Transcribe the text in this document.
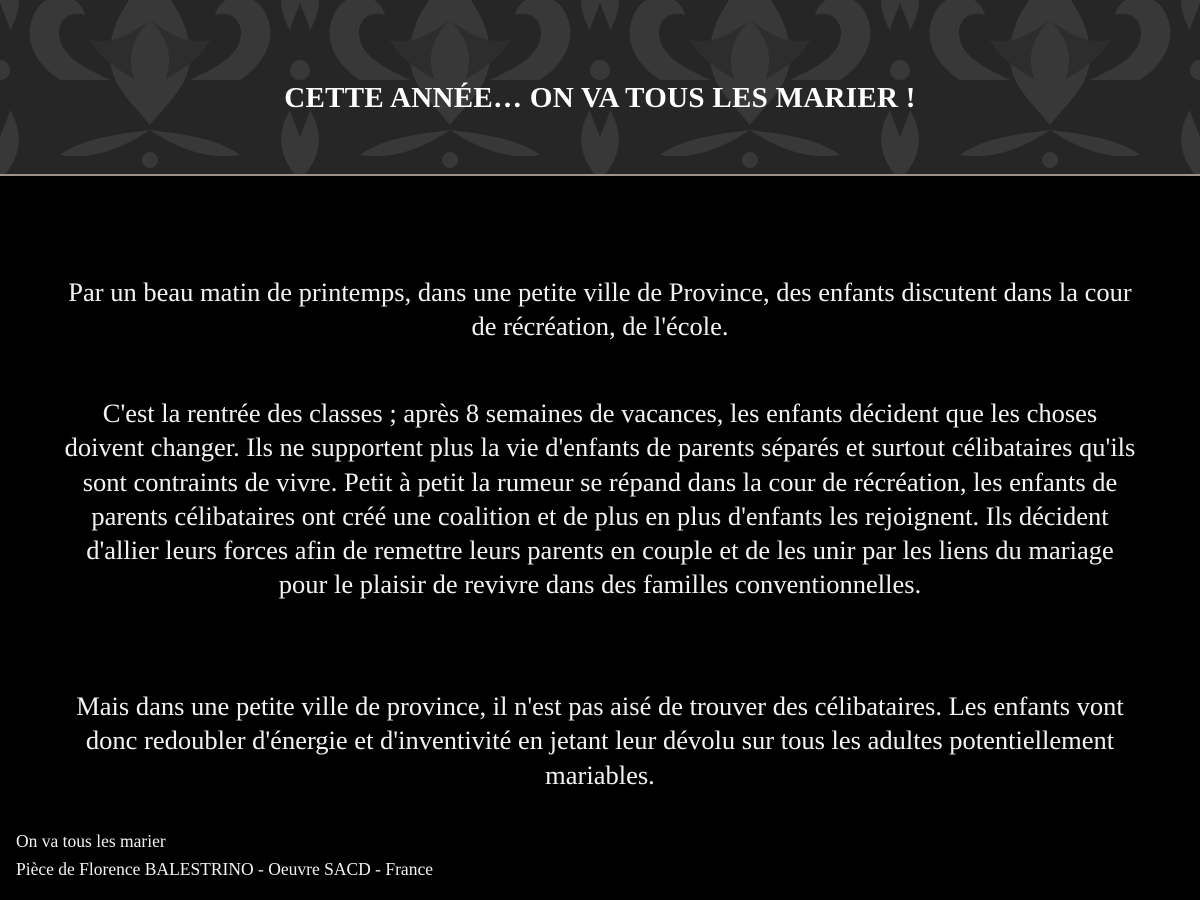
CETTE ANNÉE… ON VA TOUS LES MARIER !

Par un beau matin de printemps, dans une petite ville de Province, des enfants discutent dans la cour de récréation, de l'école.

C'est la rentrée des classes ; après 8 semaines de vacances, les enfants décident que les choses doivent changer. Ils ne supportent plus la vie d'enfants de parents séparés et surtout célibataires qu'ils sont contraints de vivre. Petit à petit la rumeur se répand dans la cour de récréation, les enfants de parents célibataires ont créé une coalition et de plus en plus d'enfants les rejoignent. Ils décident d'allier leurs forces afin de remettre leurs parents en couple et de les unir par les liens du mariage pour le plaisir de revivre dans des familles conventionnelles.

Mais dans une petite ville de province, il n'est pas aisé de trouver des célibataires. Les enfants vont donc redoubler d'énergie et d'inventivité en jetant leur dévolu sur tous les adultes potentiellement mariables.

On va tous les marier
Pièce de Florence BALESTRINO - Oeuvre SACD - France
